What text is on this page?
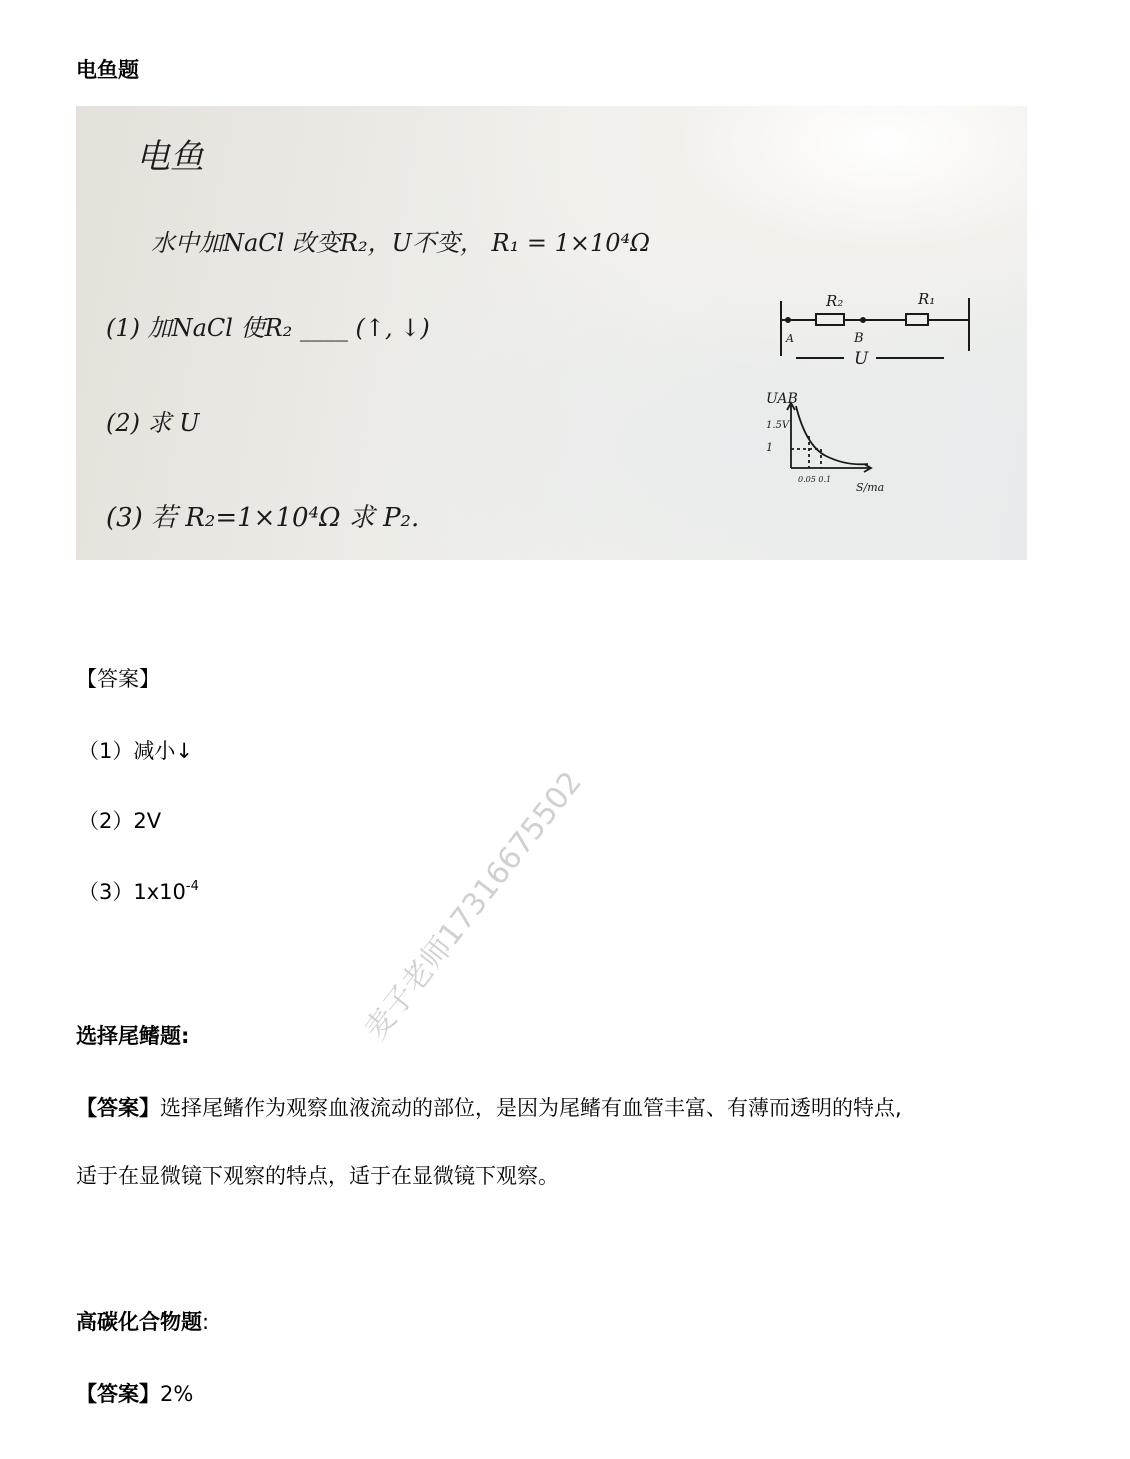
电鱼题
电鱼
水中加NaCl 改变R₂，U不变， R₁ = 1×10⁴Ω
(1) 加NaCl 使R₂ ____ (↑, ↓)
(2) 求 U
(3) 若 R₂=1×10⁴Ω 求 P₂.
R₂	R₁
A	B
U
UAB
1.5V
1
0.05 0.1
S/ma
【答案】
（1）减小↓
（2）2V
$(3)1x10^{-4}$	麦子老师17316675502
选择尾鳍题:
【答案】选择尾鳍作为观察血液流动的部位，是因为尾鳍有血管丰富、有薄而透明的特点,
适于在显微镜下观察的特点，适于在显微镜下观察。
高碳化合物题:
【答案】2%
